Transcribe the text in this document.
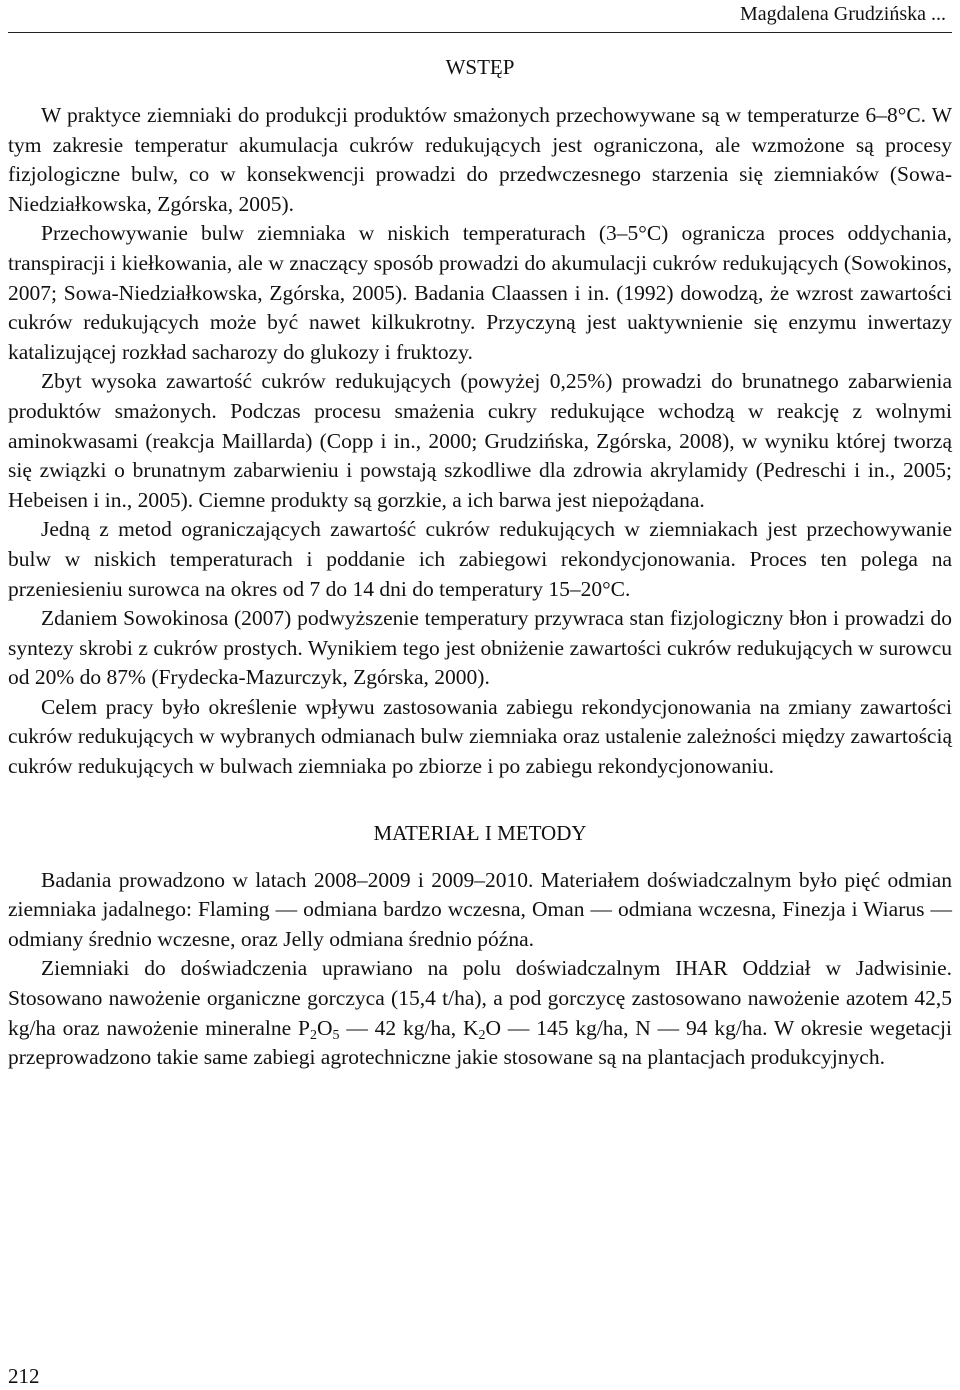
Magdalena Grudzińska ...
WSTĘP

W praktyce ziemniaki do produkcji produktów smażonych przechowywane są w temperaturze 6–8°C. W tym zakresie temperatur akumulacja cukrów redukujących jest ograniczona, ale wzmożone są procesy fizjologiczne bulw, co w konsekwencji prowadzi do przedwczesnego starzenia się ziemniaków (Sowa-Niedziałkowska, Zgórska, 2005).

Przechowywanie bulw ziemniaka w niskich temperaturach (3–5°C) ogranicza proces oddychania, transpiracji i kiełkowania, ale w znaczący sposób prowadzi do akumulacji cukrów redukujących (Sowokinos, 2007; Sowa-Niedziałkowska, Zgórska, 2005). Badania Claassen i in. (1992) dowodzą, że wzrost zawartości cukrów redukujących może być nawet kilkukrotny. Przyczyną jest uaktywnienie się enzymu inwertazy katalizującej rozkład sacharozy do glukozy i fruktozy.

Zbyt wysoka zawartość cukrów redukujących (powyżej 0,25%) prowadzi do brunatnego zabarwienia produktów smażonych. Podczas procesu smażenia cukry redukujące wchodzą w reakcję z wolnymi aminokwasami (reakcja Maillarda) (Copp i in., 2000; Grudzińska, Zgórska, 2008), w wyniku której tworzą się związki o brunatnym zabarwieniu i powstają szkodliwe dla zdrowia akrylamidy (Pedreschi i in., 2005; Hebeisen i in., 2005). Ciemne produkty są gorzkie, a ich barwa jest niepożądana.

Jedną z metod ograniczających zawartość cukrów redukujących w ziemniakach jest przechowywanie bulw w niskich temperaturach i poddanie ich zabiegowi rekondycjonowania. Proces ten polega na przeniesieniu surowca na okres od 7 do 14 dni do temperatury 15–20°C.

Zdaniem Sowokinosa (2007) podwyższenie temperatury przywraca stan fizjologiczny błon i prowadzi do syntezy skrobi z cukrów prostych. Wynikiem tego jest obniżenie zawartości cukrów redukujących w surowcu od 20% do 87% (Frydecka-Mazurczyk, Zgórska, 2000).

Celem pracy było określenie wpływu zastosowania zabiegu rekondycjonowania na zmiany zawartości cukrów redukujących w wybranych odmianach bulw ziemniaka oraz ustalenie zależności między zawartością cukrów redukujących w bulwach ziemniaka po zbiorze i po zabiegu rekondycjonowaniu.

MATERIAŁ I METODY

Badania prowadzono w latach 2008–2009 i 2009–2010. Materiałem doświadczalnym było pięć odmian ziemniaka jadalnego: Flaming — odmiana bardzo wczesna, Oman — odmiana wczesna, Finezja i Wiarus — odmiany średnio wczesne, oraz Jelly odmiana średnio późna.

Ziemniaki do doświadczenia uprawiano na polu doświadczalnym IHAR Oddział w Jadwisinie. Stosowano nawożenie organiczne gorczyca (15,4 t/ha), a pod gorczycę zastosowano nawożenie azotem 42,5 kg/ha oraz nawożenie mineralne $P_2O_5$ — 42 kg/ha, $K_2O$ — 145 kg/ha, N — 94 kg/ha. W okresie wegetacji przeprowadzono takie same zabiegi agrotechniczne jakie stosowane są na plantacjach produkcyjnych.

212
